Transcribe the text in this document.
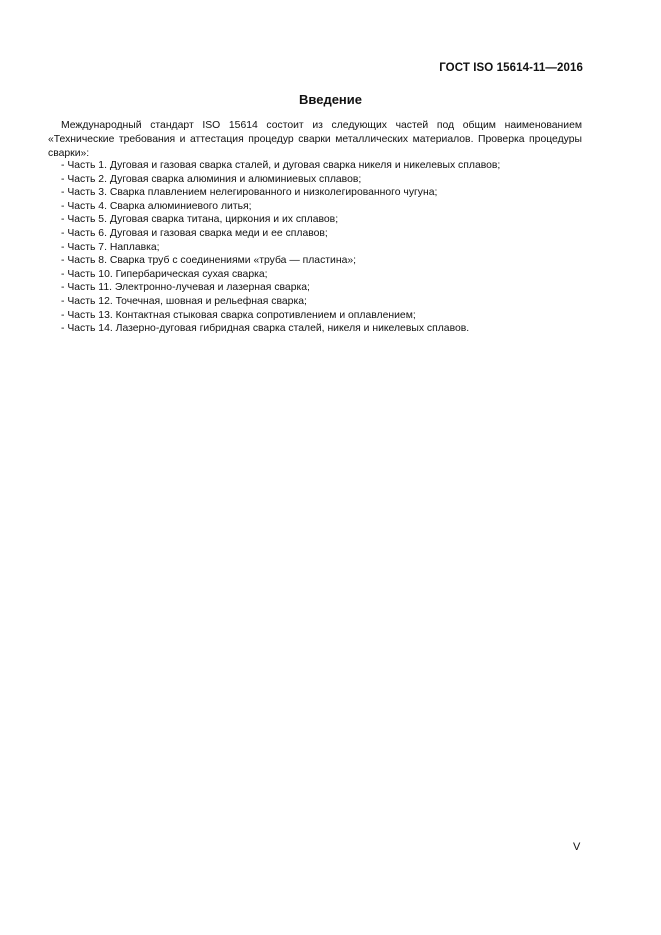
ГОСТ ISO 15614-11—2016
Введение

Международный стандарт ISO 15614 состоит из следующих частей под общим наименованием «Технические требования и аттестация процедур сварки металлических материалов. Проверка процедуры сварки»:

- Часть 1. Дуговая и газовая сварка сталей, и дуговая сварка никеля и никелевых сплавов;
- Часть 2. Дуговая сварка алюминия и алюминиевых сплавов;
- Часть 3. Сварка плавлением нелегированного и низколегированного чугуна;
- Часть 4. Сварка алюминиевого литья;
- Часть 5. Дуговая сварка титана, циркония и их сплавов;
- Часть 6. Дуговая и газовая сварка меди и ее сплавов;
- Часть 7. Наплавка;
- Часть 8. Сварка труб с соединениями «труба — пластина»;
- Часть 10. Гипербарическая сухая сварка;
- Часть 11. Электронно-лучевая и лазерная сварка;
- Часть 12. Точечная, шовная и рельефная сварка;
- Часть 13. Контактная стыковая сварка сопротивлением и оплавлением;
- Часть 14. Лазерно-дуговая гибридная сварка сталей, никеля и никелевых сплавов.
V
